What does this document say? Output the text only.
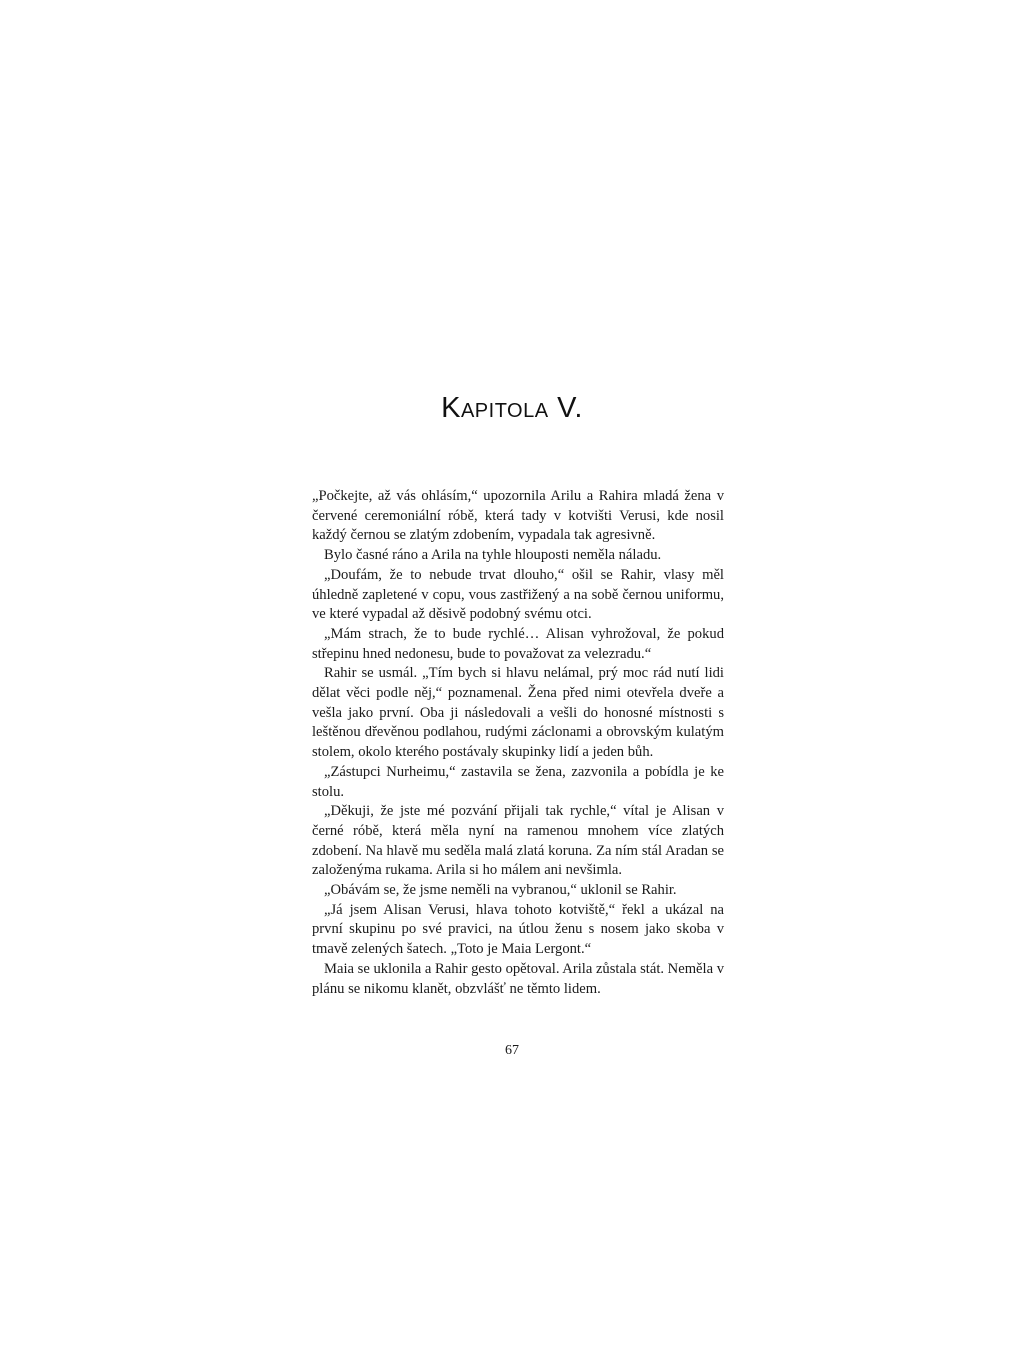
Kapitola V.

„Počkejte, až vás ohlásím,“ upozornila Arilu a Rahira mladá žena v červené ceremoniální róbě, která tady v kotvišti Verusi, kde nosil každý černou se zlatým zdobením, vypadala tak agresivně.

Bylo časné ráno a Arila na tyhle hlouposti neměla náladu.

„Doufám, že to nebude trvat dlouho,“ ošil se Rahir, vlasy měl úhledně zapletené v copu, vous zastřižený a na sobě černou uniformu, ve které vypadal až děsivě podobný svému otci.

„Mám strach, že to bude rychlé… Alisan vyhrožoval, že pokud střepinu hned nedonesu, bude to považovat za velezradu.“

Rahir se usmál. „Tím bych si hlavu nelámal, prý moc rád nutí lidi dělat věci podle něj,“ poznamenal. Žena před nimi otevřela dveře a vešla jako první. Oba ji následovali a vešli do honosné místnosti s leštěnou dřevěnou podlahou, rudými záclonami a obrovským kulatým stolem, okolo kterého postávaly skupinky lidí a jeden bůh.

„Zástupci Nurheimu,“ zastavila se žena, zazvonila a pobídla je ke stolu.

„Děkuji, že jste mé pozvání přijali tak rychle,“ vítal je Alisan v černé róbě, která měla nyní na ramenou mnohem více zlatých zdobení. Na hlavě mu seděla malá zlatá koruna. Za ním stál Aradan se založenýma rukama. Arila si ho málem ani nevšimla.

„Obávám se, že jsme neměli na vybranou,“ uklonil se Rahir.

„Já jsem Alisan Verusi, hlava tohoto kotviště,“ řekl a ukázal na první skupinu po své pravici, na útlou ženu s nosem jako skoba v tmavě zelených šatech. „Toto je Maia Lergont.“

Maia se uklonila a Rahir gesto opětoval. Arila zůstala stát. Neměla v plánu se nikomu klanět, obzvlášť ne těmto lidem.

67
